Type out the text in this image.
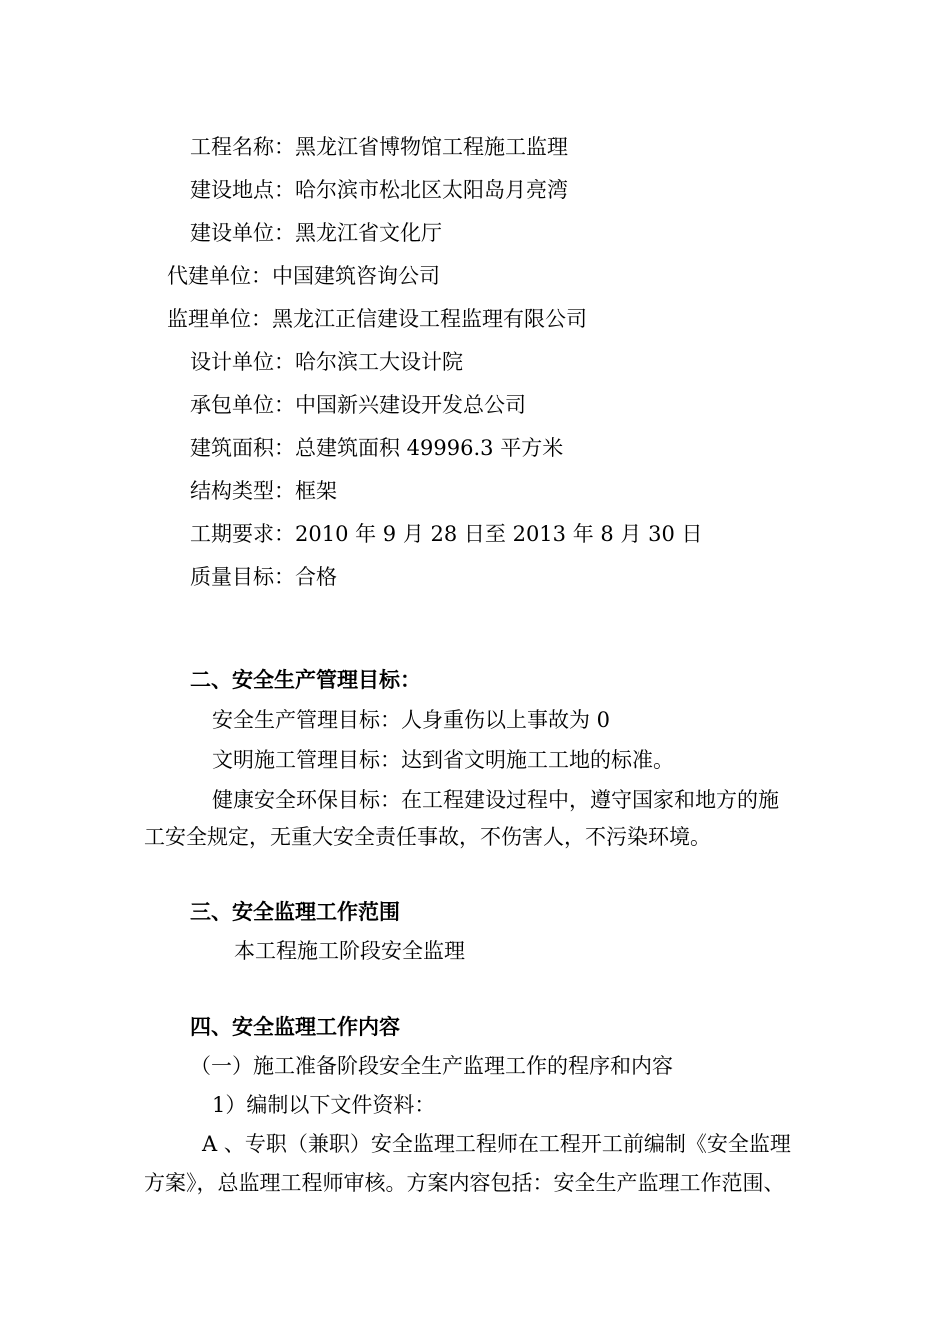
工程名称：黑龙江省博物馆工程施工监理
建设地点：哈尔滨市松北区太阳岛月亮湾
建设单位：黑龙江省文化厅
代建单位：中国建筑咨询公司
监理单位：黑龙江正信建设工程监理有限公司
设计单位：哈尔滨工大设计院
承包单位：中国新兴建设开发总公司
建筑面积：总建筑面积 49996.3 平方米
结构类型：框架
工期要求：2010 年 9 月 28 日至 2013 年 8 月 30 日
质量目标：合格
二、安全生产管理目标：
安全生产管理目标：人身重伤以上事故为 0
文明施工管理目标：达到省文明施工工地的标准。
健康安全环保目标：在工程建设过程中，遵守国家和地方的施
工安全规定，无重大安全责任事故，不伤害人，不污染环境。
三、安全监理工作范围
本工程施工阶段安全监理
四、安全监理工作内容
（一）施工准备阶段安全生产监理工作的程序和内容
1）编制以下文件资料：
A 、专职（兼职）安全监理工程师在工程开工前编制《安全监理
方案》，总监理工程师审核。方案内容包括：安全生产监理工作范围、
